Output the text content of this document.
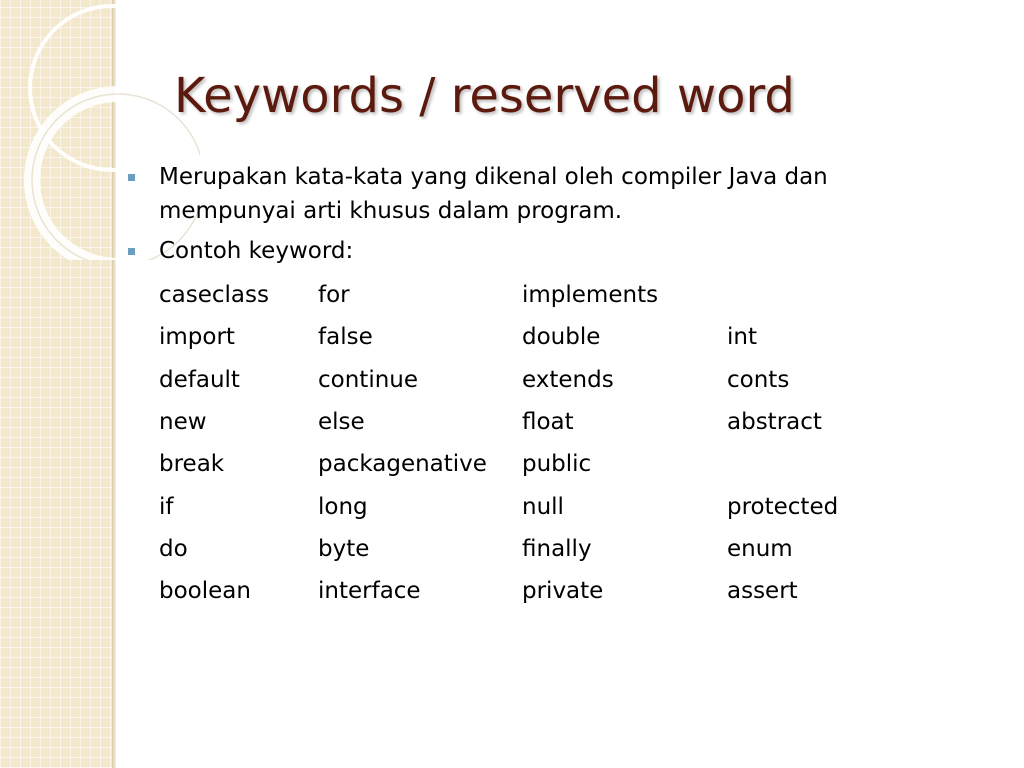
Keywords / reserved word
Merupakan kata-kata yang dikenal oleh compiler Java dan mempunyai arti khusus dalam program.
Contoh keyword:
caseclass	for	implements	
import	false	double	int
default	continue	extends	conts
new	else	float	abstract
break	packagenative	public	
if	long	null	protected
do	byte	finally	enum
boolean	interface	private	assert
